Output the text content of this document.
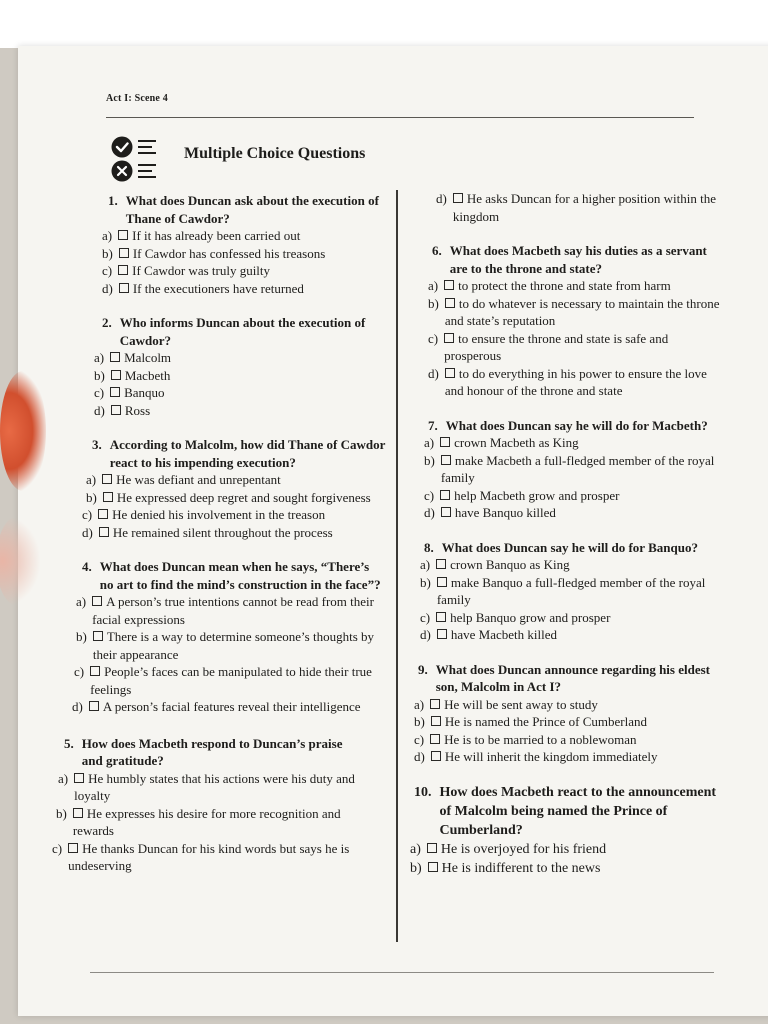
Act I: Scene 4
Multiple Choice Questions
1. What does Duncan ask about the execution of Thane of Cawdor?
a)	If it has already been carried out
b)	If Cawdor has confessed his treasons
c)	If Cawdor was truly guilty
d)	If the executioners have returned
2. Who informs Duncan about the execution of Cawdor?
a)	Malcolm
b)	Macbeth
c)	Banquo
d)	Ross
3. According to Malcolm, how did Thane of Cawdor react to his impending execution?
a)	He was defiant and unrepentant
b)	He expressed deep regret and sought forgiveness
c)	He denied his involvement in the treason
d)	He remained silent throughout the process
4. What does Duncan mean when he says, “There’s no art to find the mind’s construction in the face”?
a)	A person’s true intentions cannot be read from their facial expressions
b)	There is a way to determine someone’s thoughts by their appearance
c)	People’s faces can be manipulated to hide their true feelings
d)	A person’s facial features reveal their intelligence
5. How does Macbeth respond to Duncan’s praise and gratitude?
a)	He humbly states that his actions were his duty and loyalty
b)	He expresses his desire for more recognition and rewards
c)	He thanks Duncan for his kind words but says he is undeserving
d)	He asks Duncan for a higher position within the kingdom
6. What does Macbeth say his duties as a servant are to the throne and state?
a)	to protect the throne and state from harm
b)	to do whatever is necessary to maintain the throne and state’s reputation
c)	to ensure the throne and state is safe and prosperous
d)	to do everything in his power to ensure the love and honour of the throne and state
7. What does Duncan say he will do for Macbeth?
a)	crown Macbeth as King
b)	make Macbeth a full-fledged member of the royal family
c)	help Macbeth grow and prosper
d)	have Banquo killed
8. What does Duncan say he will do for Banquo?
a)	crown Banquo as King
b)	make Banquo a full-fledged member of the royal family
c)	help Banquo grow and prosper
d)	have Macbeth killed
9. What does Duncan announce regarding his eldest son, Malcolm in Act I?
a)	He will be sent away to study
b)	He is named the Prince of Cumberland
c)	He is to be married to a noblewoman
d)	He will inherit the kingdom immediately
10. How does Macbeth react to the announcement of Malcolm being named the Prince of Cumberland?
a)	He is overjoyed for his friend
b)	He is indifferent to the news
